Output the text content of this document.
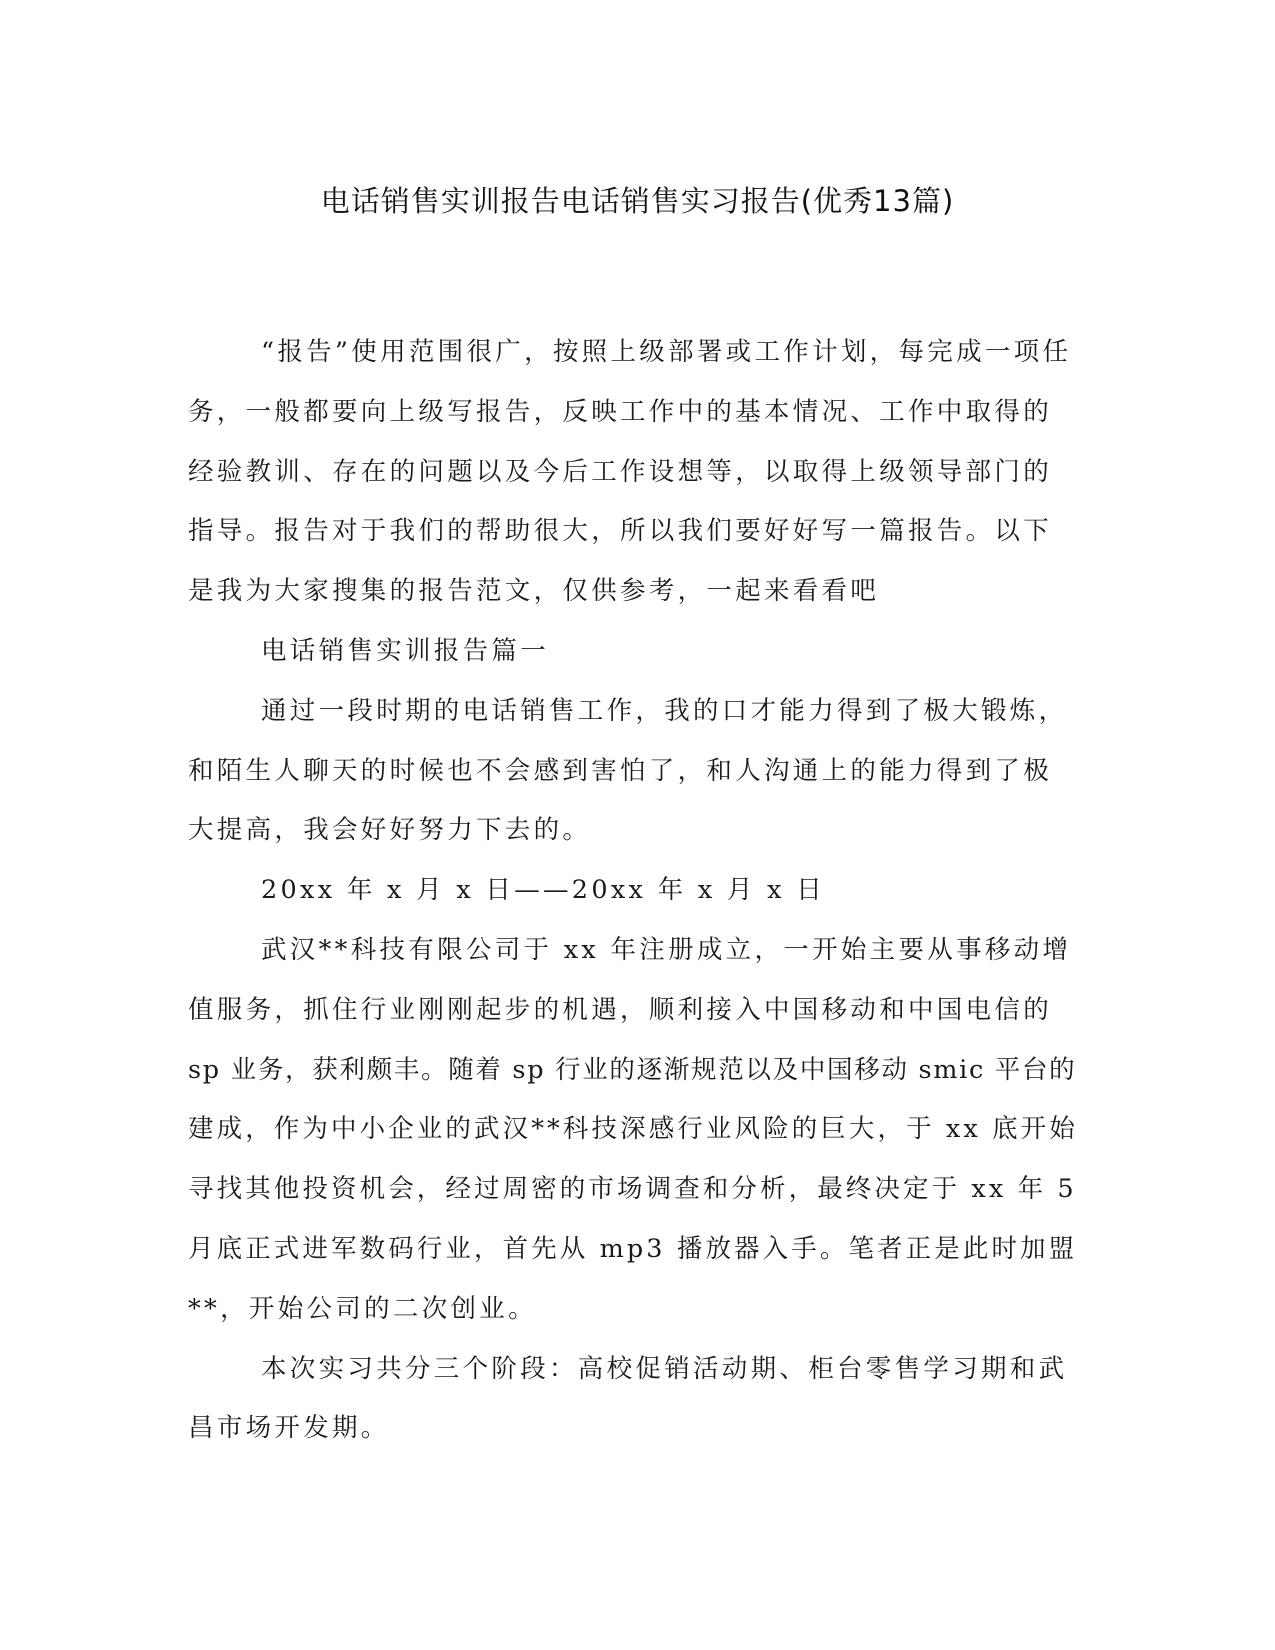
电话销售实训报告电话销售实习报告(优秀13篇)

“报告”使用范围很广，按照上级部署或工作计划，每完成一项任
务，一般都要向上级写报告，反映工作中的基本情况、工作中取得的
经验教训、存在的问题以及今后工作设想等，以取得上级领导部门的
指导。报告对于我们的帮助很大，所以我们要好好写一篇报告。以下
是我为大家搜集的报告范文，仅供参考，一起来看看吧

电话销售实训报告篇一

通过一段时期的电话销售工作，我的口才能力得到了极大锻炼，
和陌生人聊天的时候也不会感到害怕了，和人沟通上的能力得到了极
大提高，我会好好努力下去的。

20xx 年 x 月 x 日——20xx 年 x 月 x 日

武汉**科技有限公司于 xx 年注册成立，一开始主要从事移动增
值服务，抓住行业刚刚起步的机遇，顺利接入中国移动和中国电信的
sp 业务，获利颇丰。随着 sp 行业的逐渐规范以及中国移动 smic 平台的
建成，作为中小企业的武汉**科技深感行业风险的巨大，于 xx 底开始
寻找其他投资机会，经过周密的市场调查和分析，最终决定于 xx 年 5
月底正式进军数码行业，首先从 mp3 播放器入手。笔者正是此时加盟
**，开始公司的二次创业。

本次实习共分三个阶段：高校促销活动期、柜台零售学习期和武
昌市场开发期。
